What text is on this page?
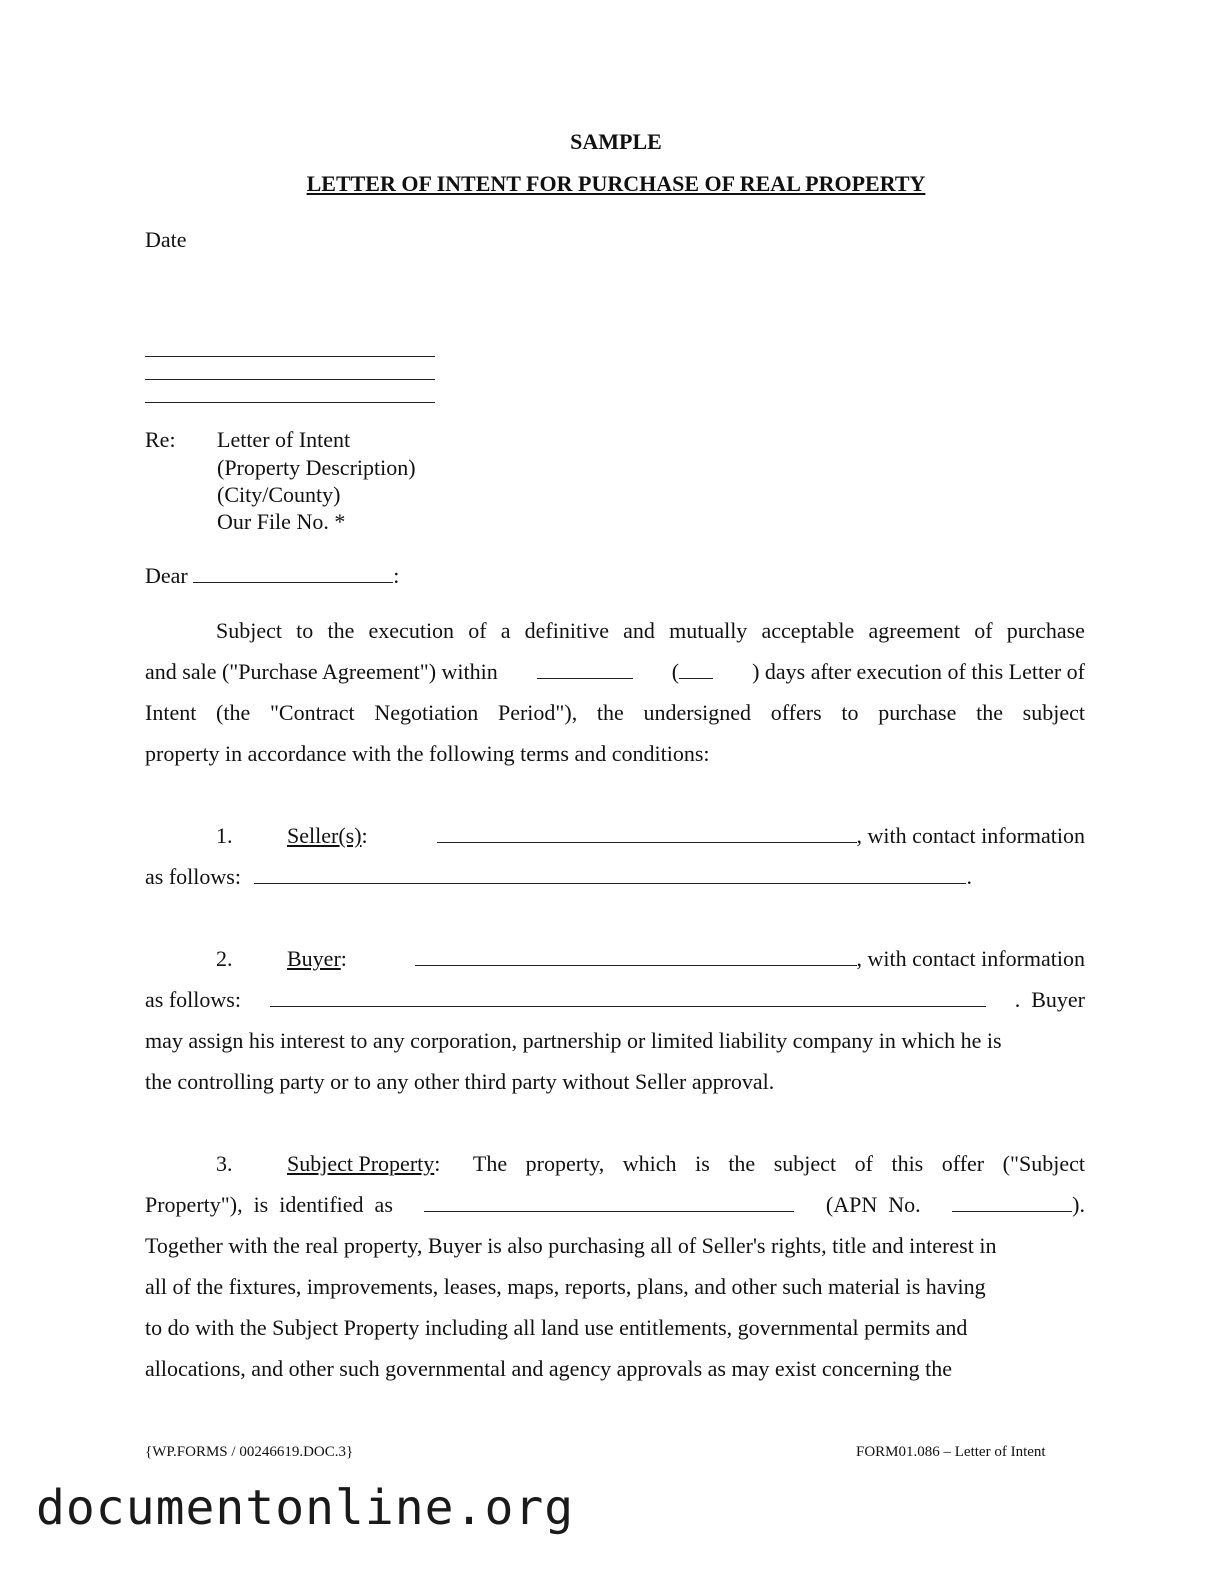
SAMPLE
LETTER OF INTENT FOR PURCHASE OF REAL PROPERTY
Date
Re: Letter of Intent
(Property Description)
(City/County)
Our File No. *
Dear	:
Subject to the execution of a definitive and mutually acceptable agreement of purchase
and sale ("Purchase Agreement") within	(	) days after execution of this Letter of
Intent (the "Contract Negotiation Period"), the undersigned offers to purchase the subject
property in accordance with the following terms and conditions:
1. Seller(s):	, with contact information
as follows:	.
2. Buyer:	, with contact information
as follows:	.  Buyer
may assign his interest to any corporation, partnership or limited liability company in which he is
the controlling party or to any other third party without Seller approval.
3. Subject Property: The property, which is the subject of this offer ("Subject
Property"),  is  identified  as	(APN  No.	).
Together with the real property, Buyer is also purchasing all of Seller's rights, title and interest in
all of the fixtures, improvements, leases, maps, reports, plans, and other such material is having
to do with the Subject Property including all land use entitlements, governmental permits and
allocations, and other such governmental and agency approvals as may exist concerning the
{WP.FORMS / 00246619.DOC.3}	FORM01.086 – Letter of Intent
documentonline.org
